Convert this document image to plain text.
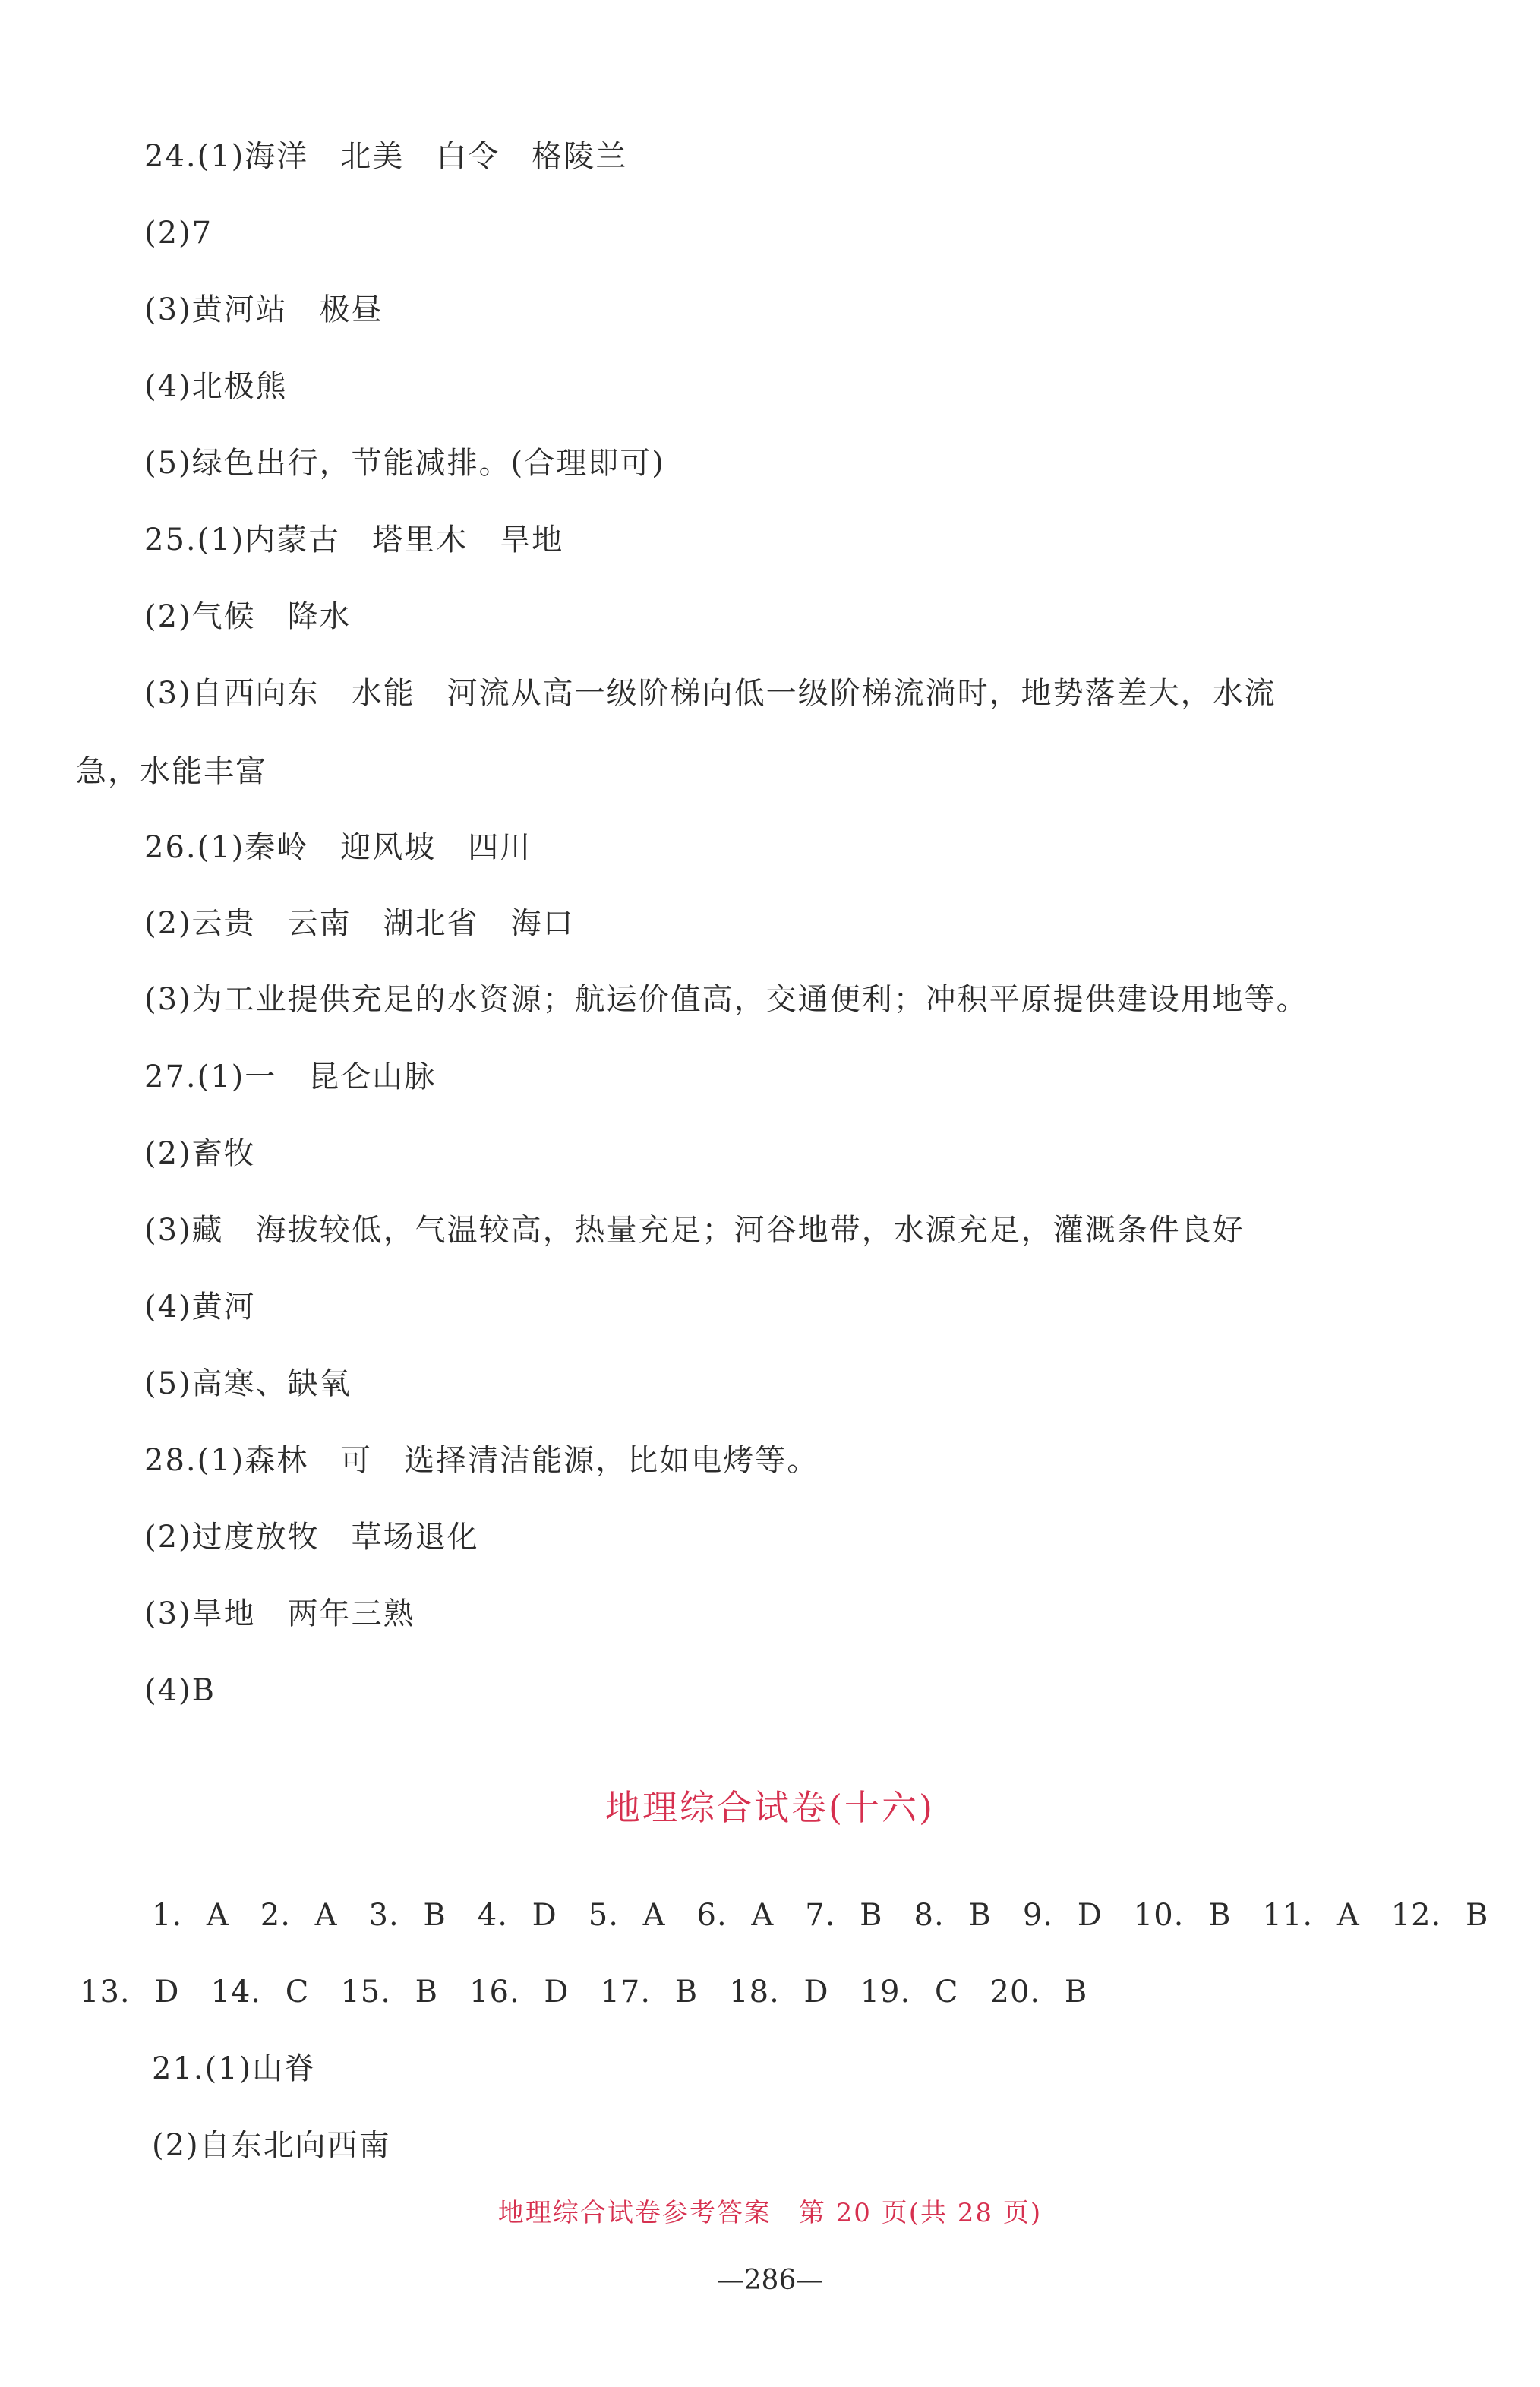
24.(1)海洋　北美　白令　格陵兰
(2)7
(3)黄河站　极昼
(4)北极熊
(5)绿色出行，节能减排。(合理即可)
25.(1)内蒙古　塔里木　旱地
(2)气候　降水
(3)自西向东　水能　河流从高一级阶梯向低一级阶梯流淌时，地势落差大，水流
急，水能丰富
26.(1)秦岭　迎风坡　四川
(2)云贵　云南　湖北省　海口
(3)为工业提供充足的水资源；航运价值高，交通便利；冲积平原提供建设用地等。
27.(1)一　昆仑山脉
(2)畜牧
(3)藏　海拔较低，气温较高，热量充足；河谷地带，水源充足，灌溉条件良好
(4)黄河
(5)高寒、缺氧
28.(1)森林　可　选择清洁能源，比如电烤等。
(2)过度放牧　草场退化
(3)旱地　两年三熟
(4)B
地理综合试卷(十六)
1. A　2. A　3. B　4. D　5. A　6. A　7. B　8. B　9. D　10. B　11. A　12. B
13. D　14. C　15. B　16. D　17. B　18. D　19. C　20. B
21.(1)山脊
(2)自东北向西南
地理综合试卷参考答案　第 20 页(共 28 页)
—286—
